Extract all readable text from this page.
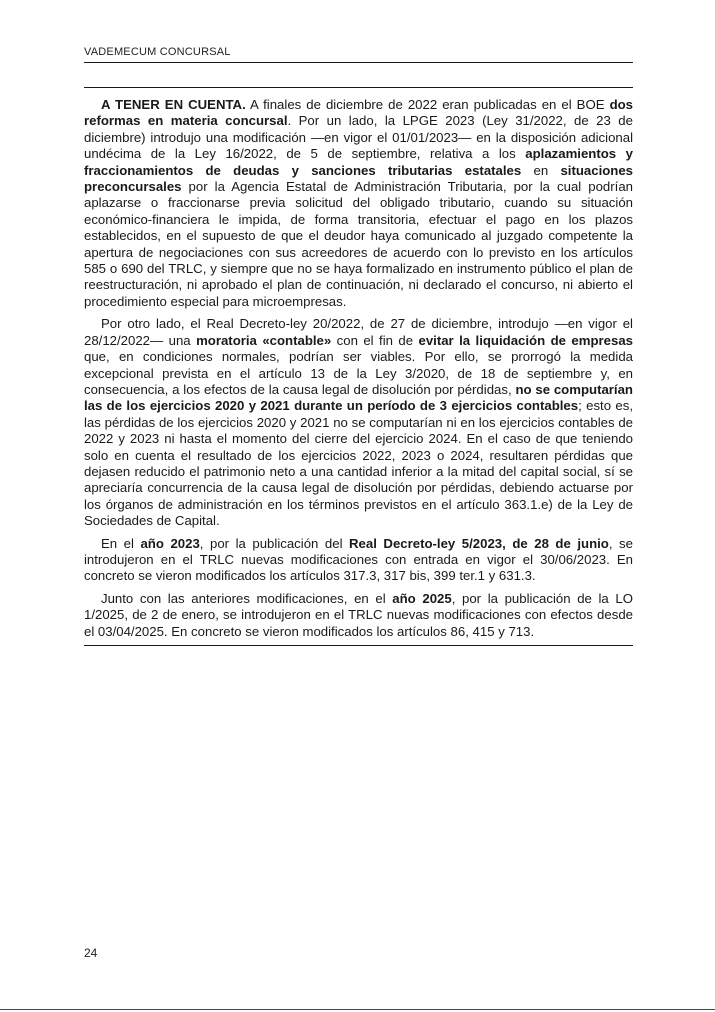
VADEMECUM CONCURSAL

A TENER EN CUENTA. A finales de diciembre de 2022 eran publicadas en el BOE dos reformas en materia concursal. Por un lado, la LPGE 2023 (Ley 31/2022, de 23 de diciembre) introdujo una modificación —en vigor el 01/01/2023— en la disposición adicional undécima de la Ley 16/2022, de 5 de septiembre, relativa a los aplazamientos y fraccionamientos de deudas y sanciones tributarias estatales en situaciones preconcursales por la Agencia Estatal de Administración Tributaria, por la cual podrían aplazarse o fraccionarse previa solicitud del obligado tributario, cuando su situación económico-financiera le impida, de forma transitoria, efectuar el pago en los plazos establecidos, en el supuesto de que el deudor haya comunicado al juzgado competente la apertura de negociaciones con sus acreedores de acuerdo con lo previsto en los artículos 585 o 690 del TRLC, y siempre que no se haya formalizado en instrumento público el plan de reestructuración, ni aprobado el plan de continuación, ni declarado el concurso, ni abierto el procedimiento especial para microempresas.

Por otro lado, el Real Decreto-ley 20/2022, de 27 de diciembre, introdujo —en vigor el 28/12/2022— una moratoria «contable» con el fin de evitar la liquidación de empresas que, en condiciones normales, podrían ser viables. Por ello, se prorrogó la medida excepcional prevista en el artículo 13 de la Ley 3/2020, de 18 de septiembre y, en consecuencia, a los efectos de la causa legal de disolución por pérdidas, no se computarían las de los ejercicios 2020 y 2021 durante un período de 3 ejercicios contables; esto es, las pérdidas de los ejercicios 2020 y 2021 no se computarían ni en los ejercicios contables de 2022 y 2023 ni hasta el momento del cierre del ejercicio 2024. En el caso de que teniendo solo en cuenta el resultado de los ejercicios 2022, 2023 o 2024, resultaren pérdidas que dejasen reducido el patrimonio neto a una cantidad inferior a la mitad del capital social, sí se apreciaría concurrencia de la causa legal de disolución por pérdidas, debiendo actuarse por los órganos de administración en los términos previstos en el artículo 363.1.e) de la Ley de Sociedades de Capital.

En el año 2023, por la publicación del Real Decreto-ley 5/2023, de 28 de junio, se introdujeron en el TRLC nuevas modificaciones con entrada en vigor el 30/06/2023. En concreto se vieron modificados los artículos 317.3, 317 bis, 399 ter.1 y 631.3.

Junto con las anteriores modificaciones, en el año 2025, por la publicación de la LO 1/2025, de 2 de enero, se introdujeron en el TRLC nuevas modificaciones con efectos desde el 03/04/2025. En concreto se vieron modificados los artículos 86, 415 y 713.

24
